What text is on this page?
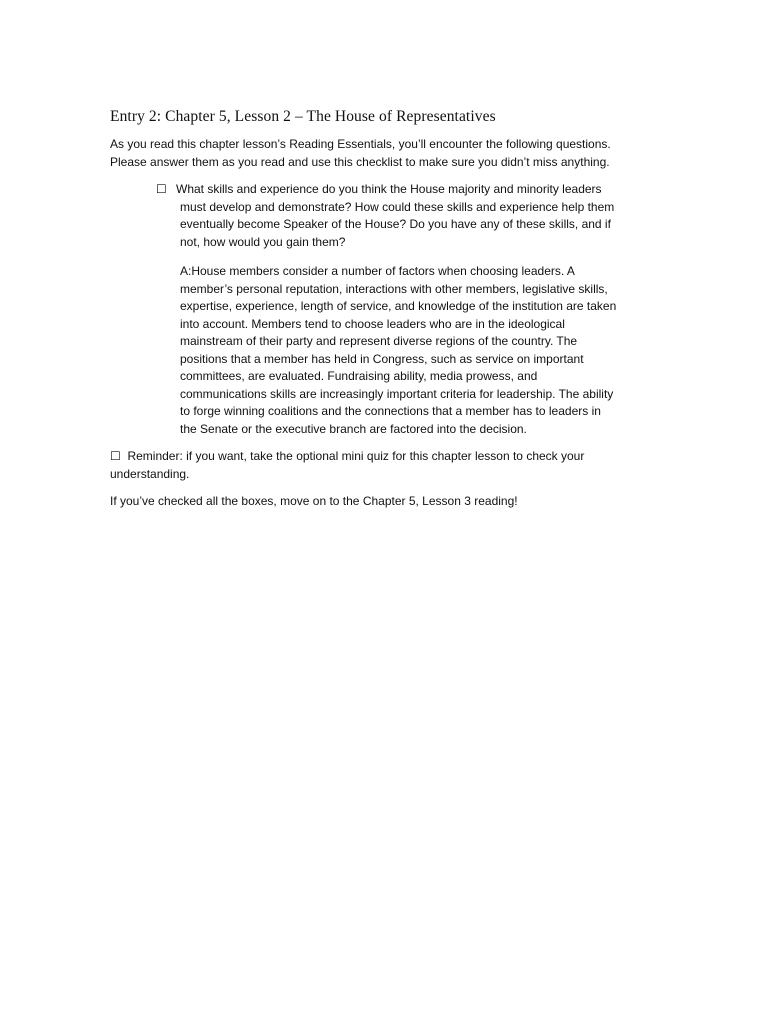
Entry 2: Chapter 5, Lesson 2 – The House of Representatives
As you read this chapter lesson’s Reading Essentials, you’ll encounter the following questions.
Please answer them as you read and use this checklist to make sure you didn’t miss anything.
☐ What skills and experience do you think the House majority and minority leaders
must develop and demonstrate? How could these skills and experience help them
eventually become Speaker of the House? Do you have any of these skills, and if
not, how would you gain them?
A:House members consider a number of factors when choosing leaders. A
member’s personal reputation, interactions with other members, legislative skills,
expertise, experience, length of service, and knowledge of the institution are taken
into account. Members tend to choose leaders who are in the ideological
mainstream of their party and represent diverse regions of the country. The
positions that a member has held in Congress, such as service on important
committees, are evaluated. Fundraising ability, media prowess, and
communications skills are increasingly important criteria for leadership. The ability
to forge winning coalitions and the connections that a member has to leaders in
the Senate or the executive branch are factored into the decision.
☐ Reminder: if you want, take the optional mini quiz for this chapter lesson to check your
understanding.
If you’ve checked all the boxes, move on to the Chapter 5, Lesson 3 reading!
